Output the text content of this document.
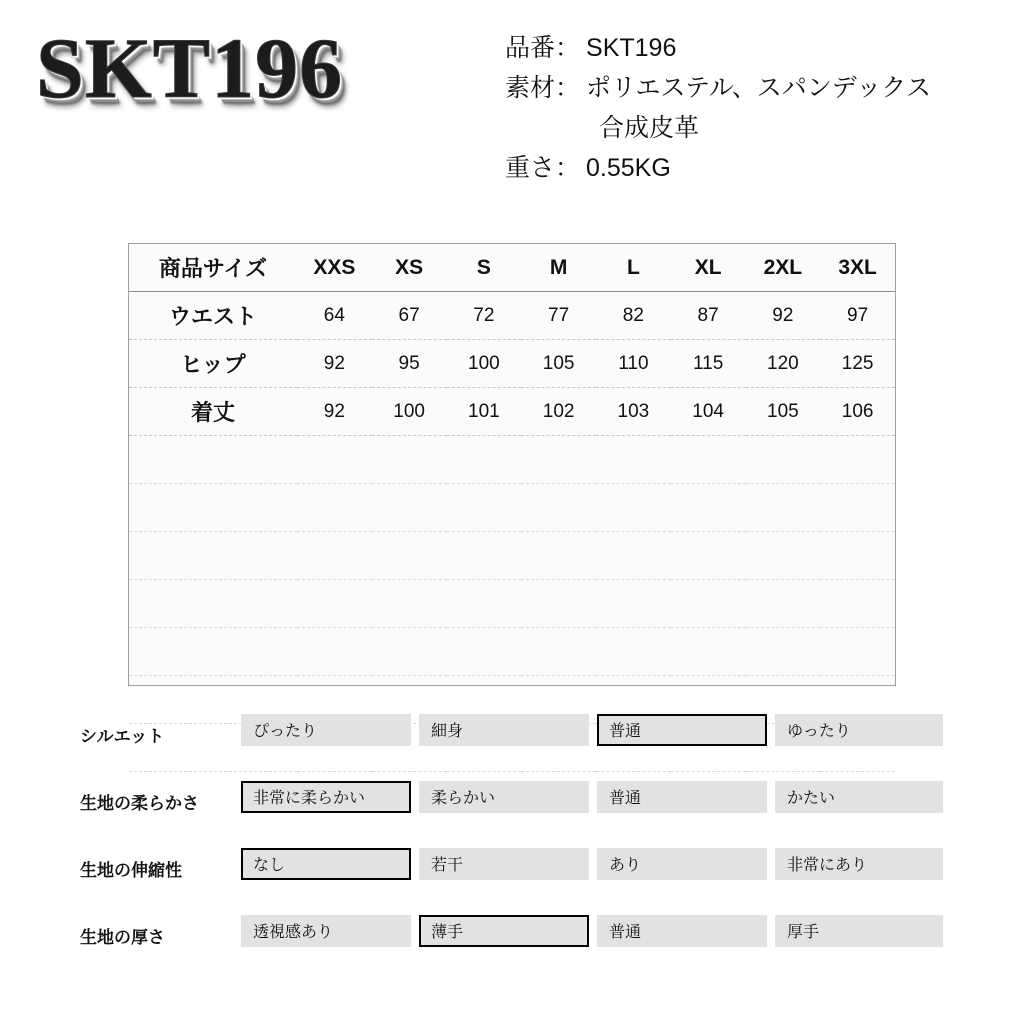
SKT196	品番： SKT196
素材： ポリエステル、スパンデックス
合成皮革
重さ： 0.55KG
商品サイズ	XXS	XS	S	M	L	XL	2XL	3XL
ウエスト	64	67	72	77	82	87	92	97
ヒップ	92	95	100	105	110	115	120	125
着丈	92	100	101	102	103	104	105	106

シルエット	ぴったり	細身	普通	ゆったり
生地の柔らかさ	非常に柔らかい	柔らかい	普通	かたい
生地の伸縮性	なし	若干	あり	非常にあり
生地の厚さ	透視感あり	薄手	普通	厚手
